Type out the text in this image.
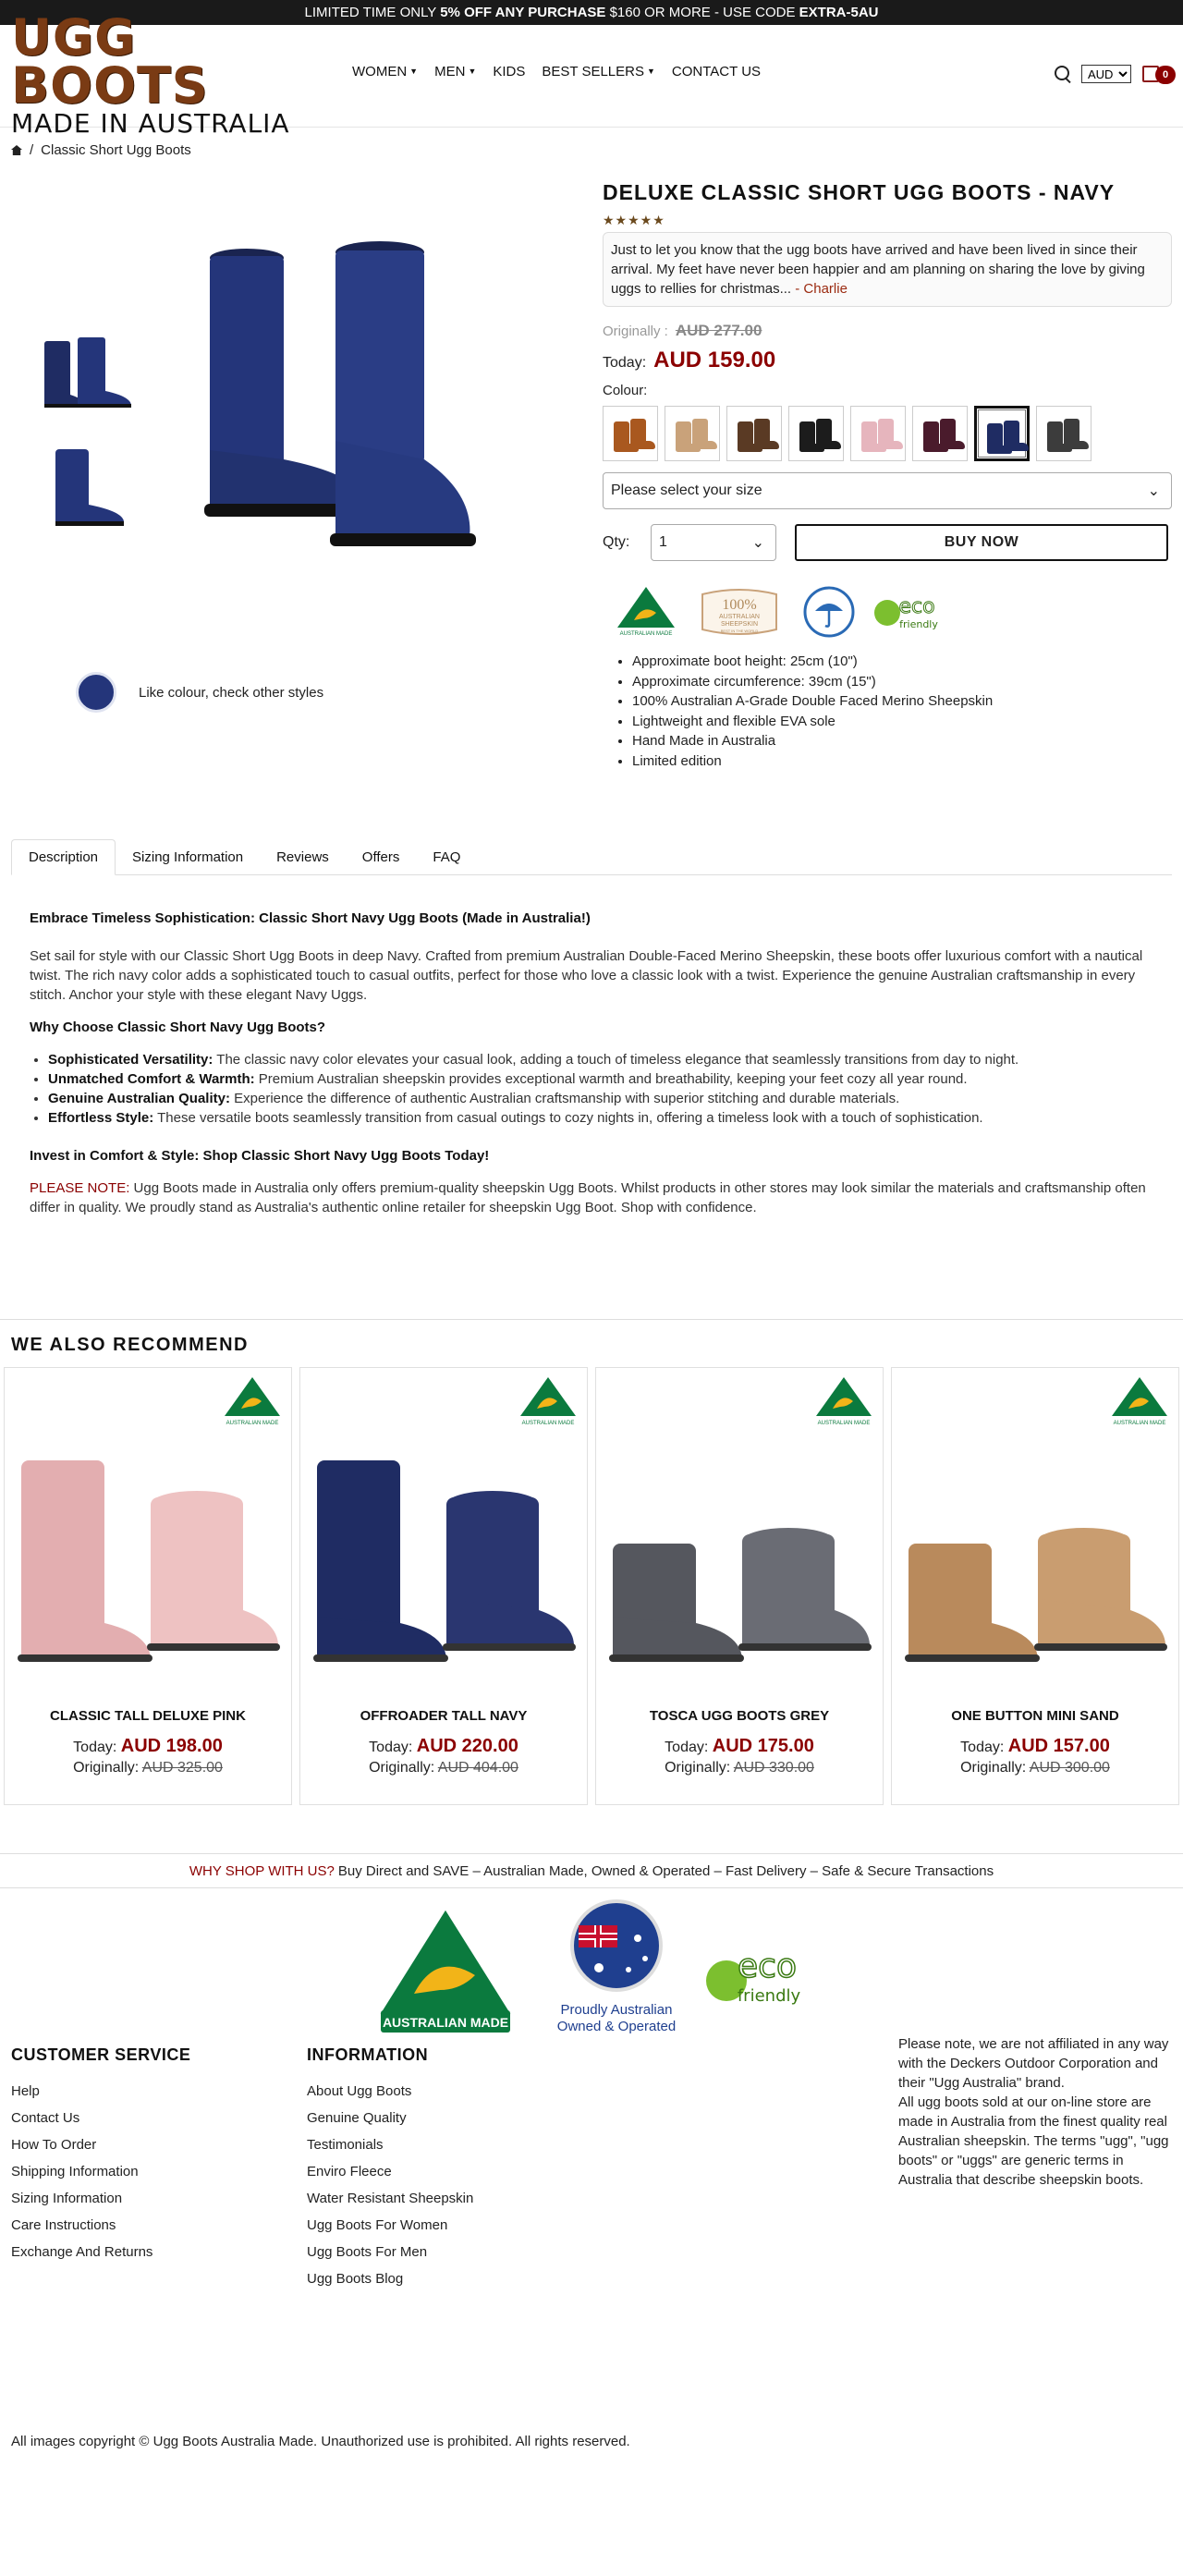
LIMITED TIME ONLY 5% OFF ANY PURCHASE $160 OR MORE - USE CODE EXTRA-5AU
UGG BOOTS
MADE IN AUSTRALIA
WOMEN ▼ MEN ▼ KIDS BEST SELLERS ▼ CONTACT US
AUD	0
/ Classic Short Ugg Boots
Like colour, check other styles
DELUXE CLASSIC SHORT UGG BOOTS - NAVY
★★★★★
Just to let you know that the ugg boots have arrived and have been lived in since their arrival. My feet have never been happier and am planning on sharing the love by giving uggs to rellies for christmas... - Charlie
Originally : AUD 277.00
Today: AUD 159.00
Colour:
Please select your size	⌄
Qty:	1	⌄	BUY NOW
AUSTRALIAN MADE
100%
AUSTRALIAN
SHEEPSKIN
BEST IN THE WORLD
eco
friendly
• Approximate boot height: 25cm (10")
• Approximate circumference: 39cm (15")
• 100% Australian A-Grade Double Faced Merino Sheepskin
• Lightweight and flexible EVA sole
• Hand Made in Australia
• Limited edition
Description	Sizing Information	Reviews	Offers	FAQ
Embrace Timeless Sophistication: Classic Short Navy Ugg Boots (Made in Australia!)

Set sail for style with our Classic Short Ugg Boots in deep Navy. Crafted from premium Australian Double-Faced Merino Sheepskin, these boots offer luxurious comfort with a nautical twist. The rich navy color adds a sophisticated touch to casual outfits, perfect for those who love a classic look with a twist. Experience the genuine Australian craftsmanship in every stitch. Anchor your style with these elegant Navy Uggs.

Why Choose Classic Short Navy Ugg Boots?
• Sophisticated Versatility: The classic navy color elevates your casual look, adding a touch of timeless elegance that seamlessly transitions from day to night.
• Unmatched Comfort & Warmth: Premium Australian sheepskin provides exceptional warmth and breathability, keeping your feet cozy all year round.
• Genuine Australian Quality: Experience the difference of authentic Australian craftsmanship with superior stitching and durable materials.
• Effortless Style: These versatile boots seamlessly transition from casual outings to cozy nights in, offering a timeless look with a touch of sophistication.
Invest in Comfort & Style: Shop Classic Short Navy Ugg Boots Today!

PLEASE NOTE: Ugg Boots made in Australia only offers premium-quality sheepskin Ugg Boots. Whilst products in other stores may look similar the materials and craftsmanship often differ in quality. We proudly stand as Australia's authentic online retailer for sheepskin Ugg Boot. Shop with confidence.

WE ALSO RECOMMEND
AUSTRALIAN MADE
CLASSIC TALL DELUXE PINK
Today: AUD 198.00
Originally: AUD 325.00
AUSTRALIAN MADE
OFFROADER TALL NAVY
Today: AUD 220.00
Originally: AUD 404.00
AUSTRALIAN MADE
TOSCA UGG BOOTS GREY
Today: AUD 175.00
Originally: AUD 330.00
AUSTRALIAN MADE
ONE BUTTON MINI SAND
Today: AUD 157.00
Originally: AUD 300.00
WHY SHOP WITH US? Buy Direct and SAVE – Australian Made, Owned & Operated – Fast Delivery – Safe & Secure Transactions
AUSTRALIAN MADE
Proudly Australian
Owned & Operated
eco
friendly
CUSTOMER SERVICE
Help
Contact Us
How To Order
Shipping Information
Sizing Information
Care Instructions
Exchange And Returns
INFORMATION
About Ugg Boots
Genuine Quality
Testimonials
Enviro Fleece
Water Resistant Sheepskin
Ugg Boots For Women
Ugg Boots For Men
Ugg Boots Blog
Please note, we are not affiliated in any way with the Deckers Outdoor Corporation and their "Ugg Australia" brand.
All ugg boots sold at our on-line store are made in Australia from the finest quality real Australian sheepskin. The terms "ugg", "ugg boots" or "uggs" are generic terms in Australia that describe sheepskin boots.
All images copyright © Ugg Boots Australia Made. Unauthorized use is prohibited. All rights reserved.
